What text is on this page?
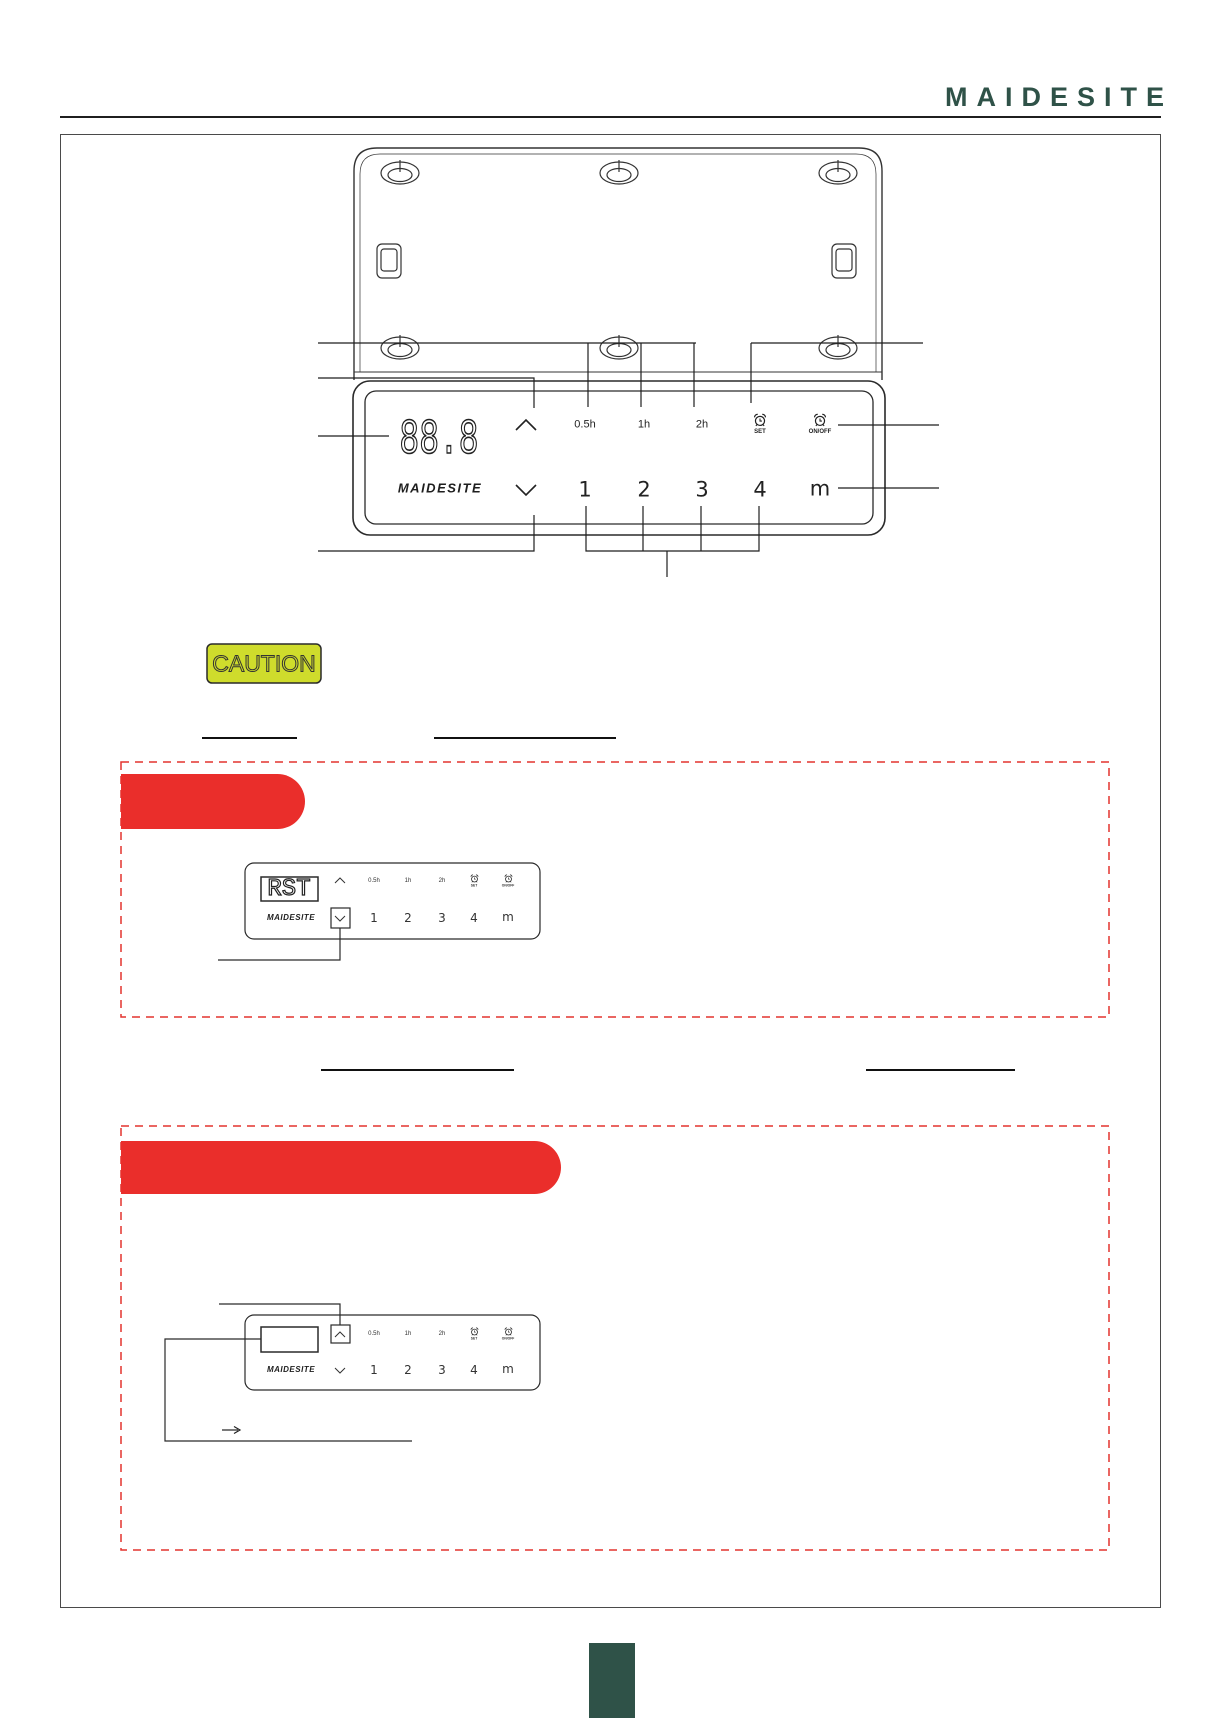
MAIDESITE
88.8	0.5h	1h	2h
SET	ON/OFF
MAIDESITE	1 2 3 4 m
CAUTION
RST	0.5h	1h	2h
SET	ON/OFF
MAIDESITE	1 2 3 4 m
0.5h	1h	2h
SET	ON/OFF
MAIDESITE	1 2 3 4 m
